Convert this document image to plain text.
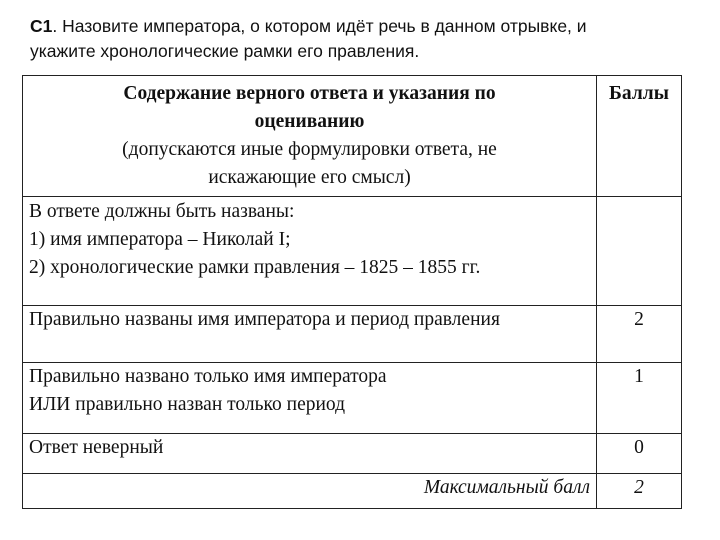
С1. Назовите императора, о котором идёт речь в данном отрывке, и
укажите хронологические рамки его правления.
Содержание верного ответа и указания по
оцениванию
(допускаются иные формулировки ответа, не
искажающие его смысл)	Баллы

В ответе должны быть названы:
1) имя императора – Николай I;
2) хронологические рамки правления – 1825 – 1855 гг.	

Правильно названы имя императора и период правления	2

Правильно названо только имя императора
ИЛИ правильно назван только период	1
Ответ неверный	0
Максимальный балл	2
